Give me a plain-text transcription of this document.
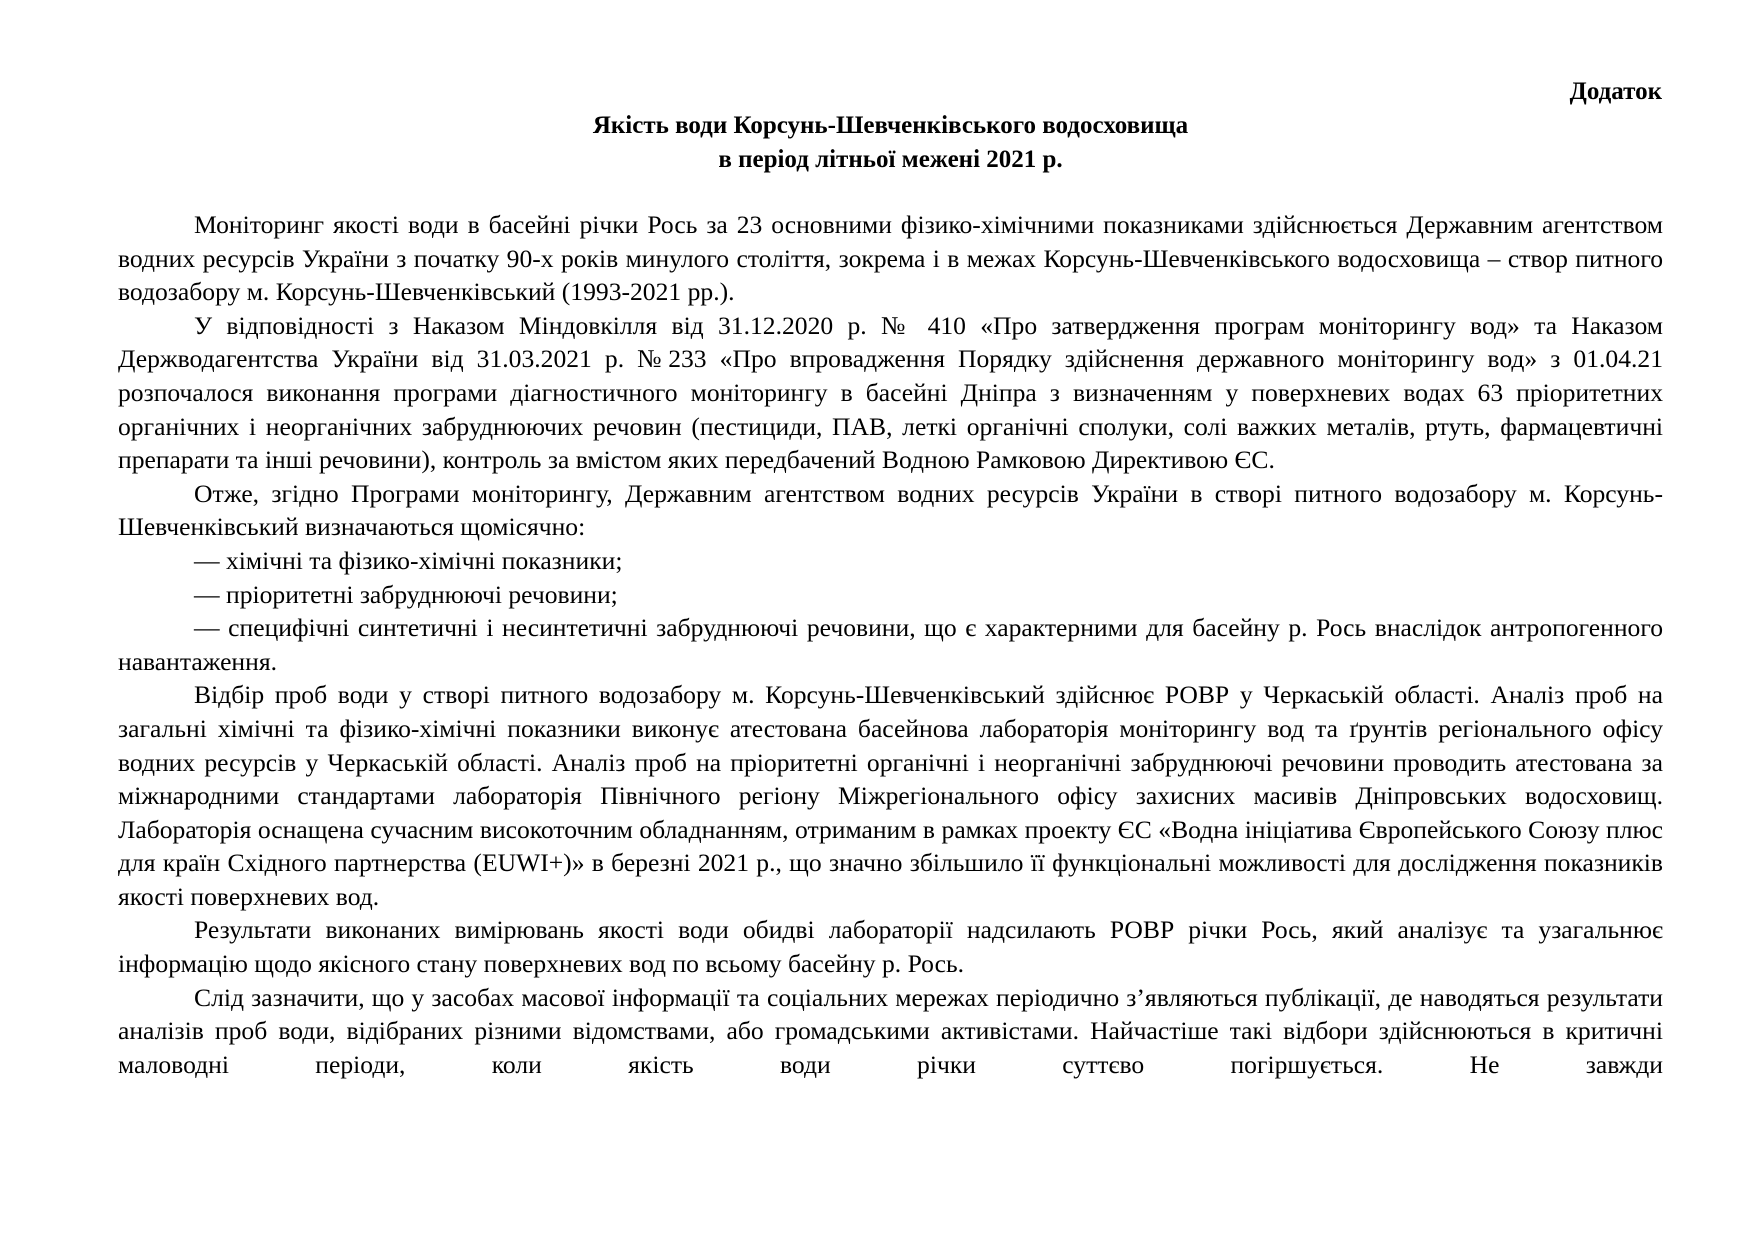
Додаток

Якість води Корсунь-Шевченківського водосховища
в період літньої межені 2021 р.

Моніторинг якості води в басейні річки Рось за 23 основними фізико-хімічними показниками здійснюється Державним агентством водних ресурсів України з початку 90-х років минулого століття, зокрема і в межах Корсунь-Шевченківського водосховища – створ питного водозабору м. Корсунь-Шевченківський (1993-2021 рр.).

У відповідності з Наказом Міндовкілля від 31.12.2020 р. № 410 «Про затвердження програм моніторингу вод» та Наказом Держводагентства України від 31.03.2021 р. №233 «Про впровадження Порядку здійснення державного моніторингу вод» з 01.04.21 розпочалося виконання програми діагностичного моніторингу в басейні Дніпра з визначенням у поверхневих водах 63 пріоритетних органічних і неорганічних забруднюючих речовин (пестициди, ПАВ, леткі органічні сполуки, солі важких металів, ртуть, фармацевтичні препарати та інші речовини), контроль за вмістом яких передбачений Водною Рамковою Директивою ЄС.

Отже, згідно Програми моніторингу, Державним агентством водних ресурсів України в створі питного водозабору м. Корсунь-Шевченківський визначаються щомісячно:

— хімічні та фізико-хімічні показники;

— пріоритетні забруднюючі речовини;

— специфічні синтетичні і несинтетичні забруднюючі речовини, що є характерними для басейну р. Рось внаслідок антропогенного навантаження.

Відбір проб води у створі питного водозабору м. Корсунь-Шевченківський здійснює РОВР у Черкаській області. Аналіз проб на загальні хімічні та фізико-хімічні показники виконує атестована басейнова лабораторія моніторингу вод та ґрунтів регіонального офісу водних ресурсів у Черкаській області. Аналіз проб на пріоритетні органічні і неорганічні забруднюючі речовини проводить атестована за міжнародними стандартами лабораторія Північного регіону Міжрегіонального офісу захисних масивів Дніпровських водосховищ. Лабораторія оснащена сучасним високоточним обладнанням, отриманим в рамках проекту ЄС «Водна ініціатива Європейського Союзу плюс для країн Східного партнерства (EUWI+)» в березні 2021 р., що значно збільшило її функціональні можливості для дослідження показників якості поверхневих вод.

Результати виконаних вимірювань якості води обидві лабораторії надсилають РОВР річки Рось, який аналізує та узагальнює інформацію щодо якісного стану поверхневих вод по всьому басейну р. Рось.

Слід зазначити, що у засобах масової інформації та соціальних мережах періодично з’являються публікації, де наводяться результати аналізів проб води, відібраних різними відомствами, або громадськими активістами. Найчастіше такі відбори здійснюються в критичні маловодні періоди, коли якість води річки суттєво погіршується. Не завжди
